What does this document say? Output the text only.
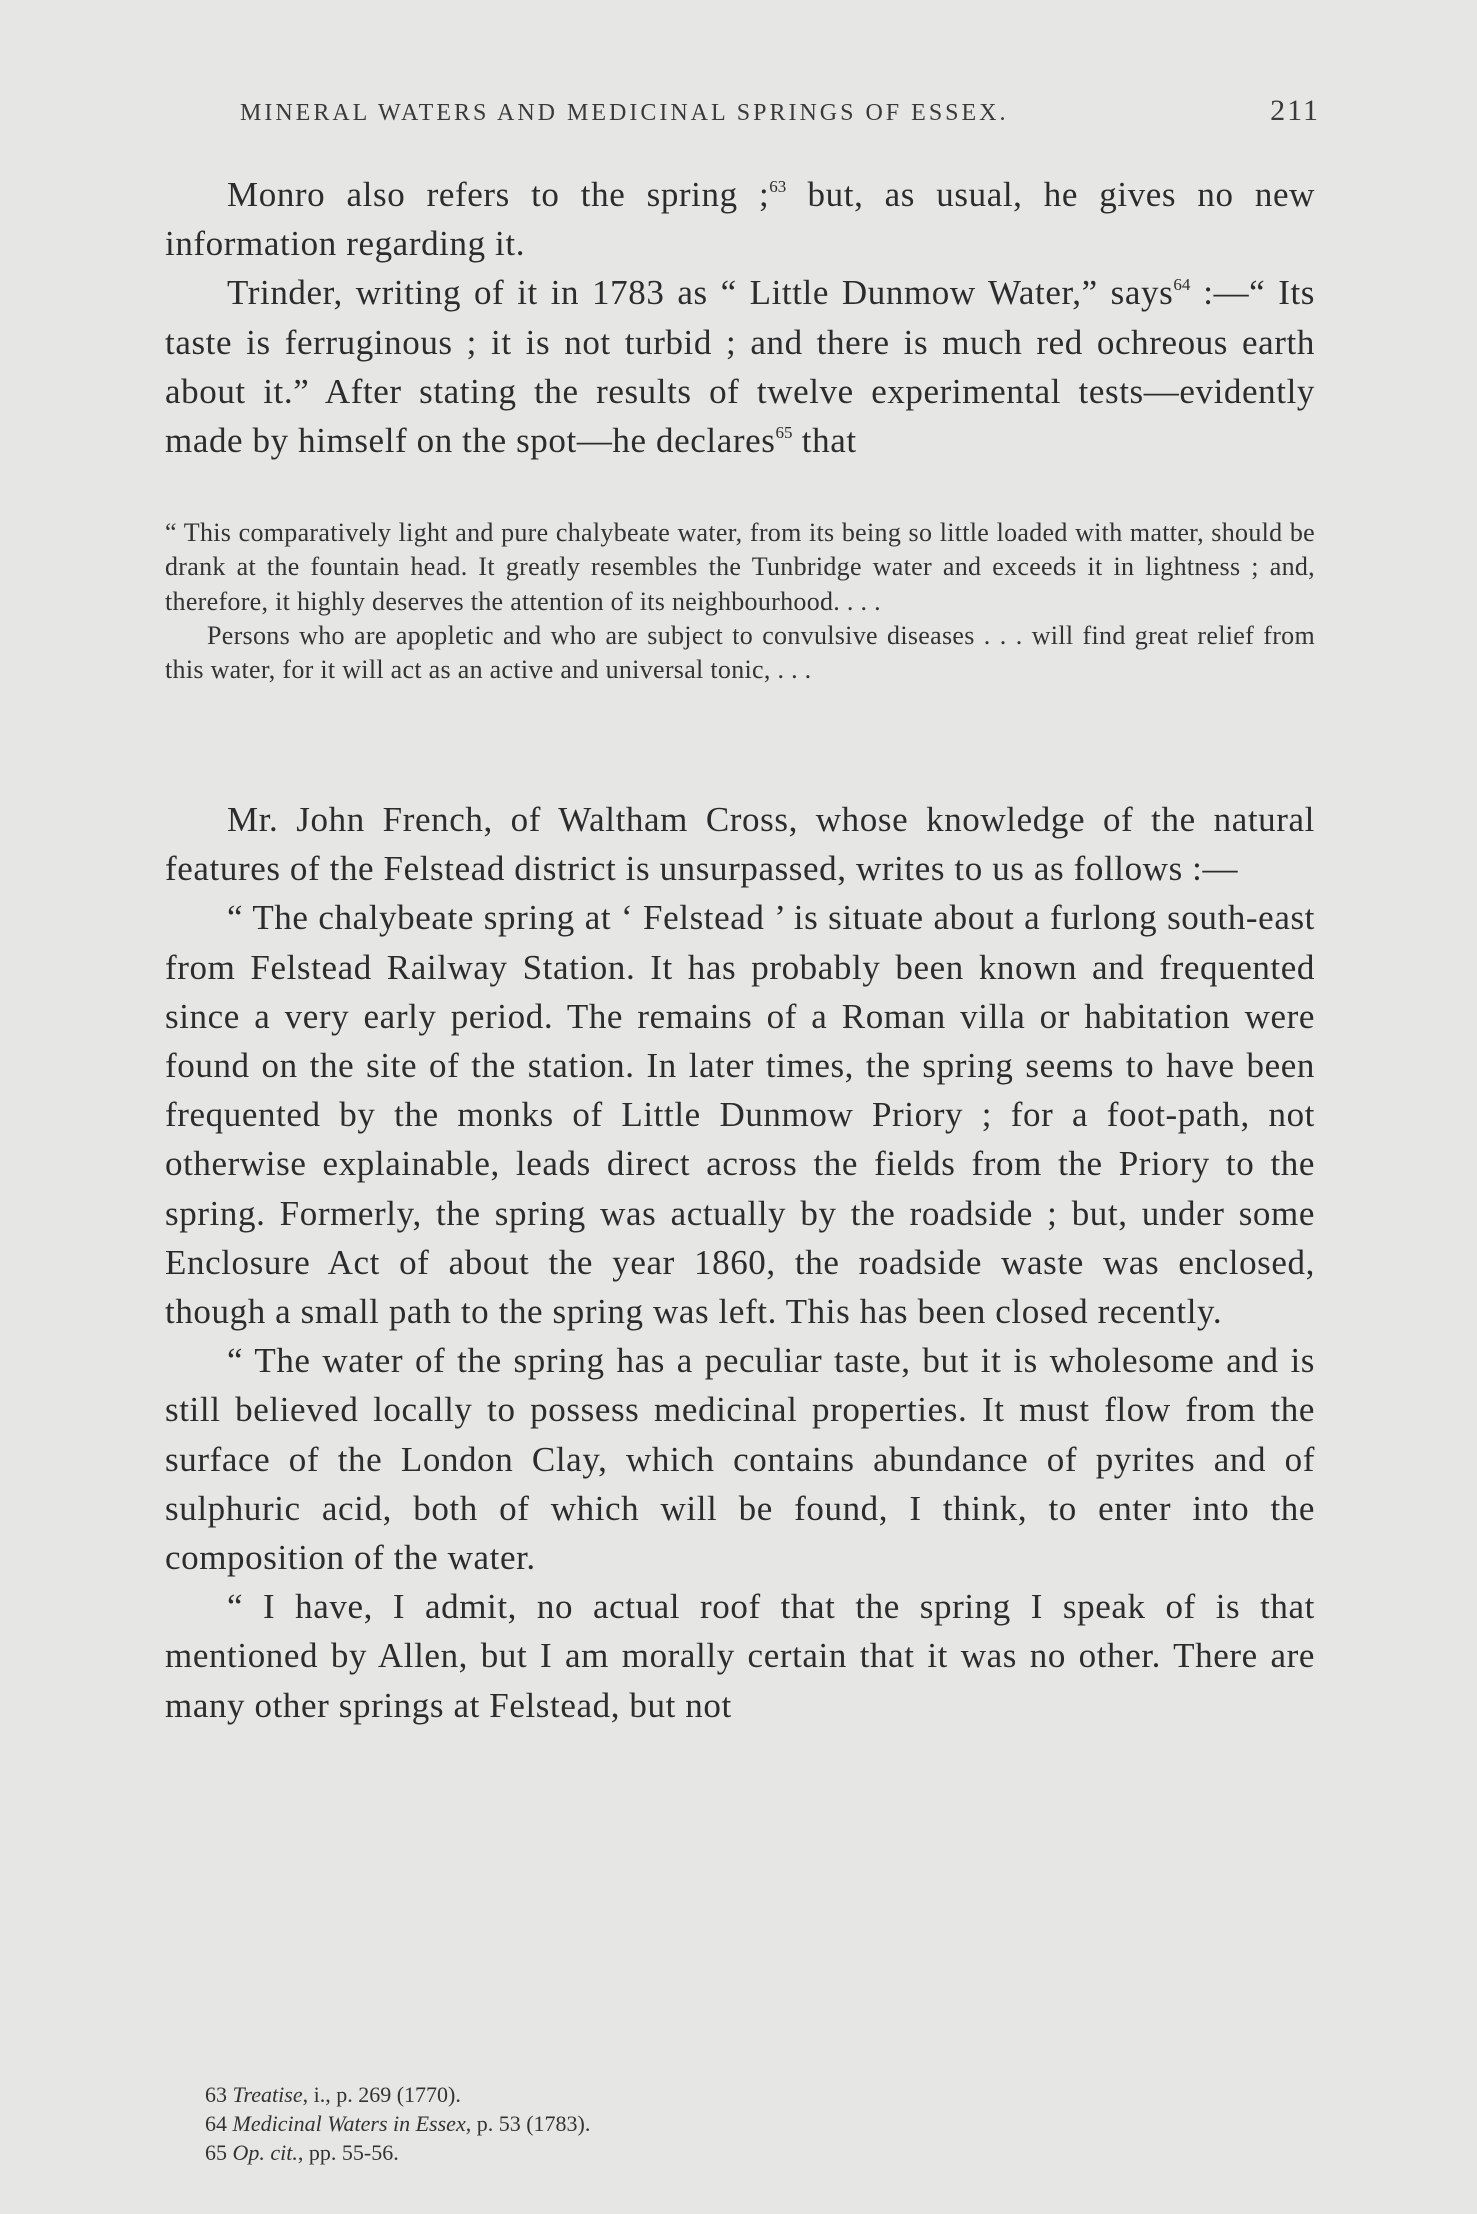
MINERAL WATERS AND MEDICINAL SPRINGS OF ESSEX.	211

Monro also refers to the spring ;$^{63}$ but, as usual, he gives no new information regarding it.

Trinder, writing of it in 1783 as “ Little Dunmow Water,” says$^{64}$ :—“ Its taste is ferruginous ; it is not turbid ; and there is much red ochreous earth about it.” After stating the results of twelve experimental tests—evidently made by himself on the spot—he declares$^{65}$ that

“ This comparatively light and pure chalybeate water, from its being so little loaded with matter, should be drank at the fountain head. It greatly resembles the Tunbridge water and exceeds it in lightness ; and, therefore, it highly deserves the attention of its neighbourhood. . . .

Persons who are apopletic and who are subject to convulsive diseases . . . will find great relief from this water, for it will act as an active and universal tonic, . . .

Mr. John French, of Waltham Cross, whose knowledge of the natural features of the Felstead district is unsurpassed, writes to us as follows :—

“ The chalybeate spring at ‘ Felstead ’ is situate about a furlong south-east from Felstead Railway Station. It has probably been known and frequented since a very early period. The remains of a Roman villa or habitation were found on the site of the station. In later times, the spring seems to have been frequented by the monks of Little Dunmow Priory ; for a foot-path, not otherwise explainable, leads direct across the fields from the Priory to the spring. Formerly, the spring was actually by the roadside ; but, under some Enclosure Act of about the year 1860, the roadside waste was enclosed, though a small path to the spring was left. This has been closed recently.

“ The water of the spring has a peculiar taste, but it is wholesome and is still believed locally to possess medicinal properties. It must flow from the surface of the London Clay, which contains abundance of pyrites and of sulphuric acid, both of which will be found, I think, to enter into the composition of the water.

“ I have, I admit, no actual roof that the spring I speak of is that mentioned by Allen, but I am morally certain that it was no other. There are many other springs at Felstead, but not

63 Treatise, i., p. 269 (1770).
64 Medicinal Waters in Essex, p. 53 (1783).
65 Op. cit., pp. 55-56.
